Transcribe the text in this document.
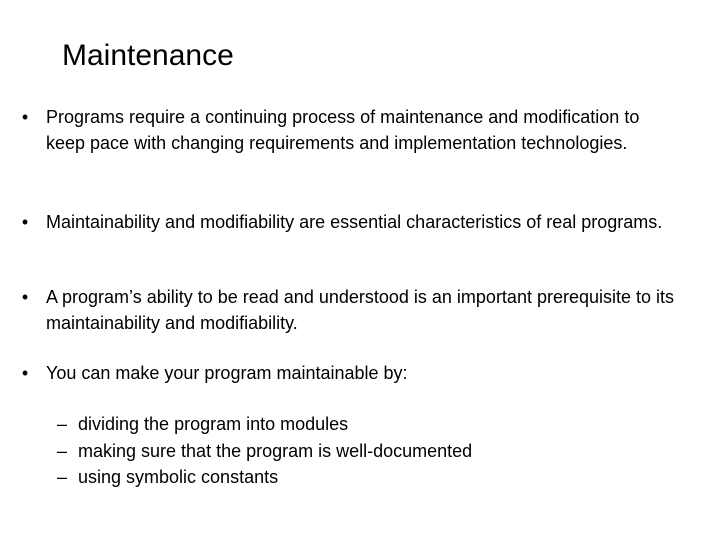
Maintenance
• Programs require a continuing process of maintenance and modification to keep pace with changing requirements and implementation technologies.
• Maintainability and modifiability are essential characteristics of real programs.
• A program’s ability to be read and understood is an important prerequisite to its maintainability and modifiability.
• You can make your program maintainable by:
– dividing the program into modules
– making sure that the program is well-documented
– using symbolic constants
